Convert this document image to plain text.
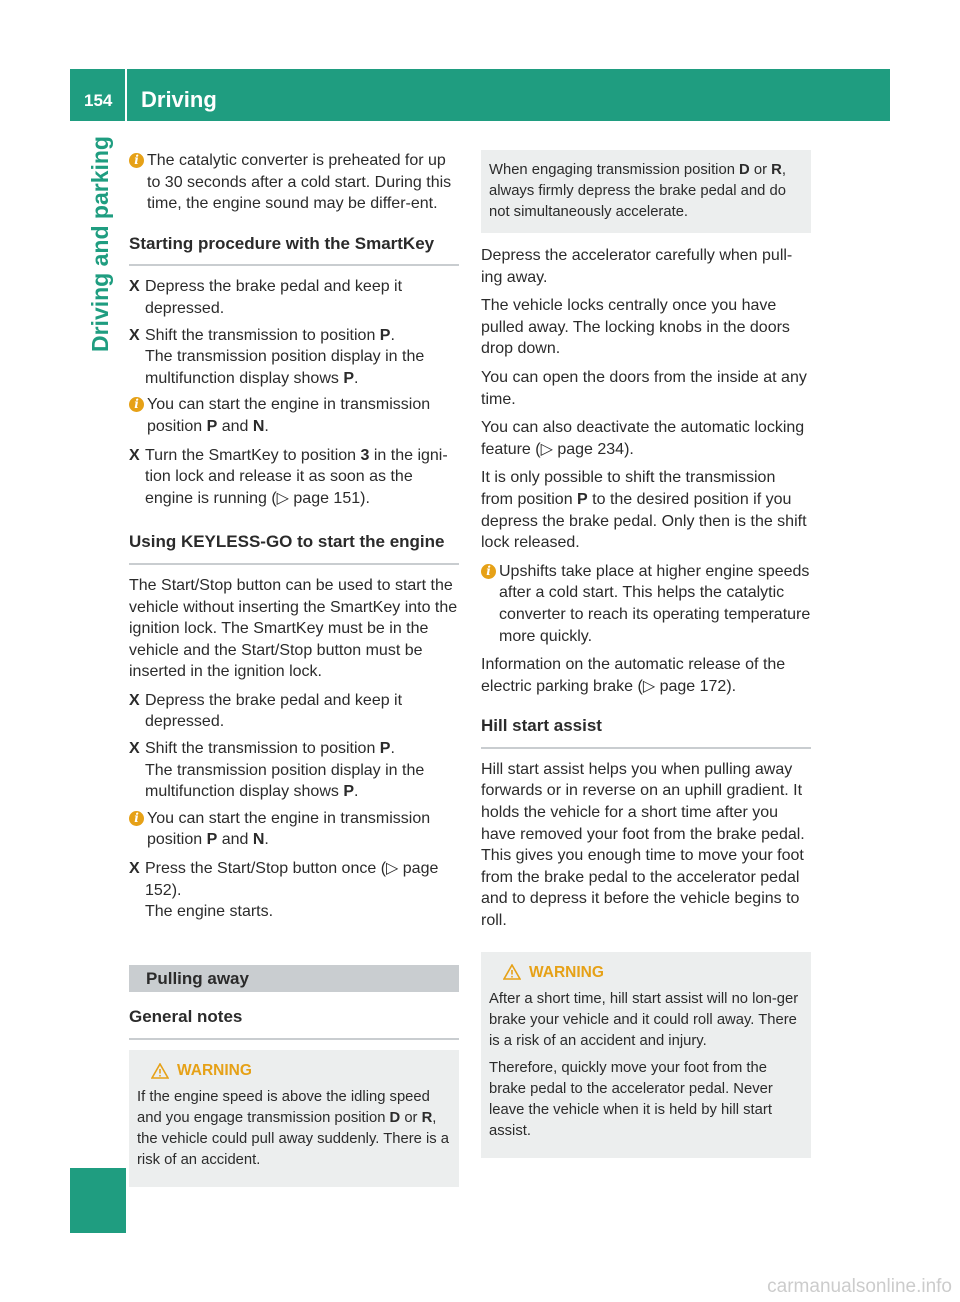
154 Driving
Driving and parking	i The catalytic converter is preheated for up to 30 seconds after a cold start. During this time, the engine sound may be differ-ent.
Starting procedure with the SmartKey
X Depress the brake pedal and keep it depressed.
X Shift the transmission to position P.
The transmission position display in the multifunction display shows P.
i You can start the engine in transmission position P and N.
X Turn the SmartKey to position 3 in the igni-tion lock and release it as soon as the engine is running (▷ page 151).
Using KEYLESS-GO to start the engine

The Start/Stop button can be used to start the vehicle without inserting the SmartKey into the ignition lock. The SmartKey must be in the vehicle and the Start/Stop button must be inserted in the ignition lock.

X Depress the brake pedal and keep it depressed.
X Shift the transmission to position P.
The transmission position display in the multifunction display shows P.
i You can start the engine in transmission position P and N.
X Press the Start/Stop button once (▷ page 152).
The engine starts.
Pulling away
General notes
WARNING

If the engine speed is above the idling speed and you engage transmission position D or R, the vehicle could pull away suddenly. There is a risk of an accident.

When engaging transmission position D or R, always firmly depress the brake pedal and do not simultaneously accelerate.

Depress the accelerator carefully when pull-ing away.

The vehicle locks centrally once you have pulled away. The locking knobs in the doors drop down.

You can open the doors from the inside at any time.

You can also deactivate the automatic locking feature (▷ page 234).

It is only possible to shift the transmission from position P to the desired position if you depress the brake pedal. Only then is the shift lock released.

i Upshifts take place at higher engine speeds after a cold start. This helps the catalytic converter to reach its operating temperature more quickly.

Information on the automatic release of the electric parking brake (▷ page 172).

Hill start assist

Hill start assist helps you when pulling away forwards or in reverse on an uphill gradient. It holds the vehicle for a short time after you have removed your foot from the brake pedal. This gives you enough time to move your foot from the brake pedal to the accelerator pedal and to depress it before the vehicle begins to roll.

WARNING

After a short time, hill start assist will no lon-ger brake your vehicle and it could roll away. There is a risk of an accident and injury.

Therefore, quickly move your foot from the brake pedal to the accelerator pedal. Never leave the vehicle when it is held by hill start assist.

carmanualsonline.info
